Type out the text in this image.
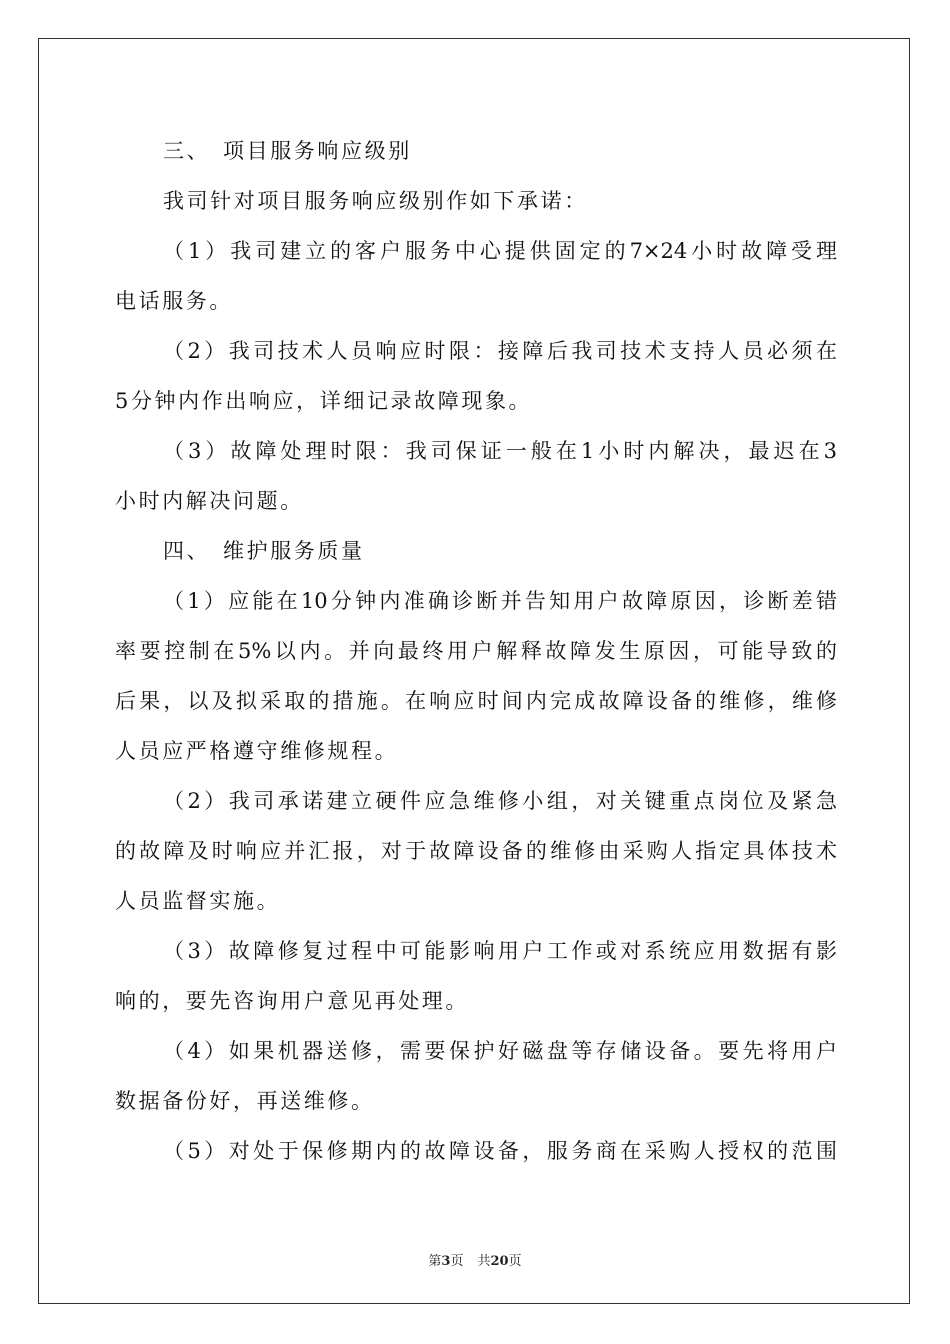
三、 项目服务响应级别
我司针对项目服务响应级别作如下承诺：
（1）我司建立的客户服务中心提供固定的7×24小时故障受理
电话服务。
（2）我司技术人员响应时限：接障后我司技术支持人员必须在
5分钟内作出响应，详细记录故障现象。
（3）故障处理时限：我司保证一般在1小时内解决，最迟在3
小时内解决问题。
四、 维护服务质量
（1）应能在10分钟内准确诊断并告知用户故障原因，诊断差错
率要控制在5%以内。并向最终用户解释故障发生原因，可能导致的
后果，以及拟采取的措施。在响应时间内完成故障设备的维修，维修
人员应严格遵守维修规程。
（2）我司承诺建立硬件应急维修小组，对关键重点岗位及紧急
的故障及时响应并汇报，对于故障设备的维修由采购人指定具体技术
人员监督实施。
（3）故障修复过程中可能影响用户工作或对系统应用数据有影
响的，要先咨询用户意见再处理。
（4）如果机器送修，需要保护好磁盘等存储设备。要先将用户
数据备份好，再送维修。
（5）对处于保修期内的故障设备，服务商在采购人授权的范围
第3页 共20页
